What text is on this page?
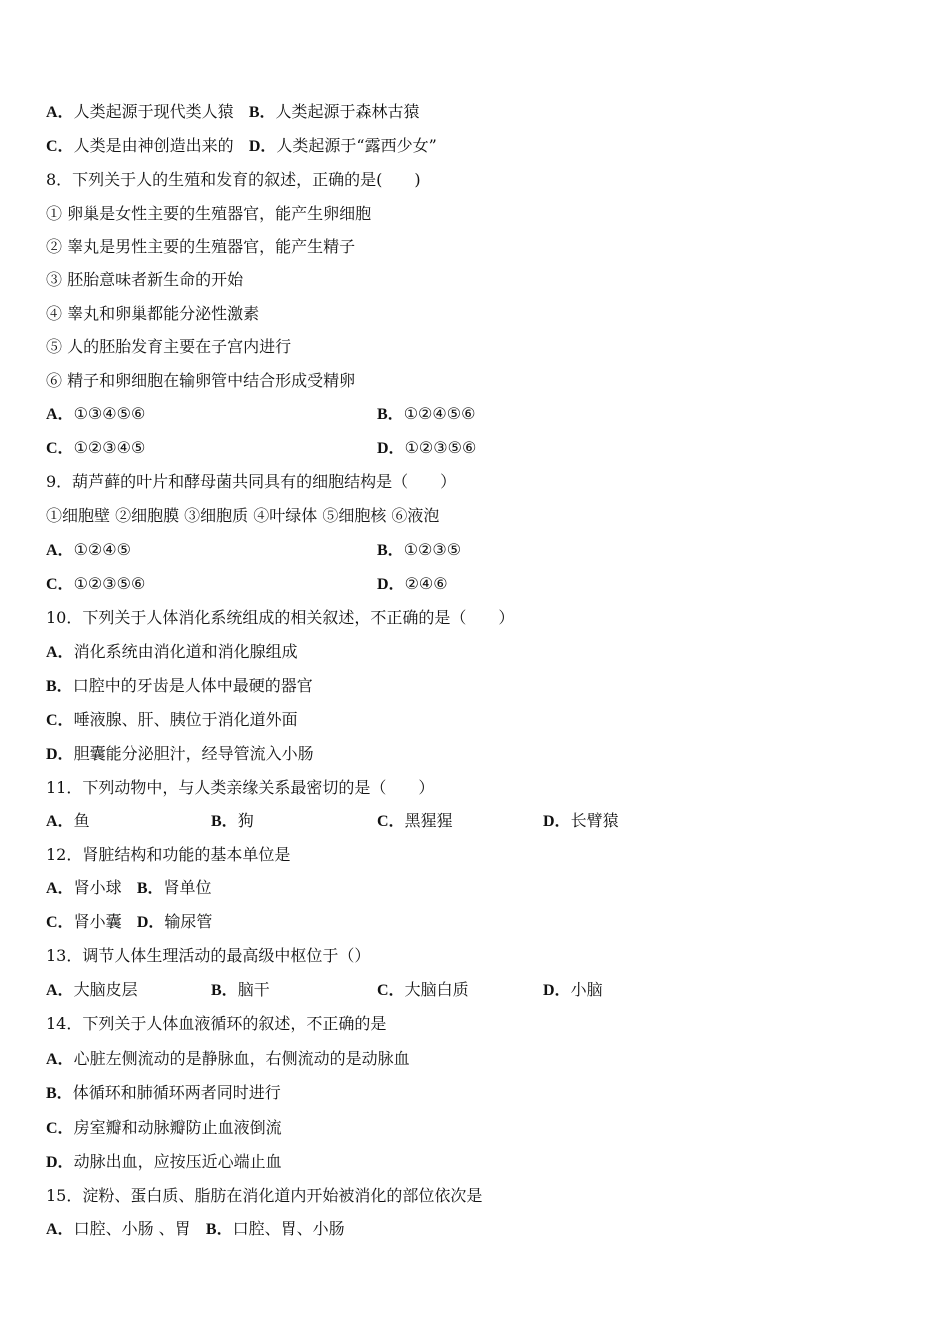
A．人类起源于现代类人猿 B．人类起源于森林古猿
C．人类是由神创造出来的 D．人类起源于“露西少女”
8．下列关于人的生殖和发育的叙述，正确的是(　　)
① 卵巢是女性主要的生殖器官，能产生卵细胞
② 睾丸是男性主要的生殖器官，能产生精子
③ 胚胎意味者新生命的开始
④ 睾丸和卵巢都能分泌性激素
⑤ 人的胚胎发育主要在子宫内进行
⑥ 精子和卵细胞在输卵管中结合形成受精卵
A．①③④⑤⑥	B．①②④⑤⑥
C．①②③④⑤	D．①②③⑤⑥
9．葫芦藓的叶片和酵母菌共同具有的细胞结构是（　　）
①细胞壁 ②细胞膜 ③细胞质 ④叶绿体 ⑤细胞核 ⑥液泡
A．①②④⑤	B．①②③⑤
C．①②③⑤⑥	D．②④⑥
10．下列关于人体消化系统组成的相关叙述，不正确的是（　　）
A．消化系统由消化道和消化腺组成
B．口腔中的牙齿是人体中最硬的器官
C．唾液腺、肝、胰位于消化道外面
D．胆囊能分泌胆汁，经导管流入小肠
11．下列动物中，与人类亲缘关系最密切的是（　　）
A．鱼	B．狗	C．黑猩猩	D．长臂猿
12．肾脏结构和功能的基本单位是
A．肾小球 B．肾单位
C．肾小囊 D．输尿管
13．调节人体生理活动的最高级中枢位于（）
A．大脑皮层	B．脑干	C．大脑白质	D．小脑
14．下列关于人体血液循环的叙述，不正确的是
A．心脏左侧流动的是静脉血，右侧流动的是动脉血
B．体循环和肺循环两者同时进行
C．房室瓣和动脉瓣防止血液倒流
D．动脉出血，应按压近心端止血
15．淀粉、蛋白质、脂肪在消化道内开始被消化的部位依次是
A．口腔、小肠 、胃 B．口腔、胃、小肠
